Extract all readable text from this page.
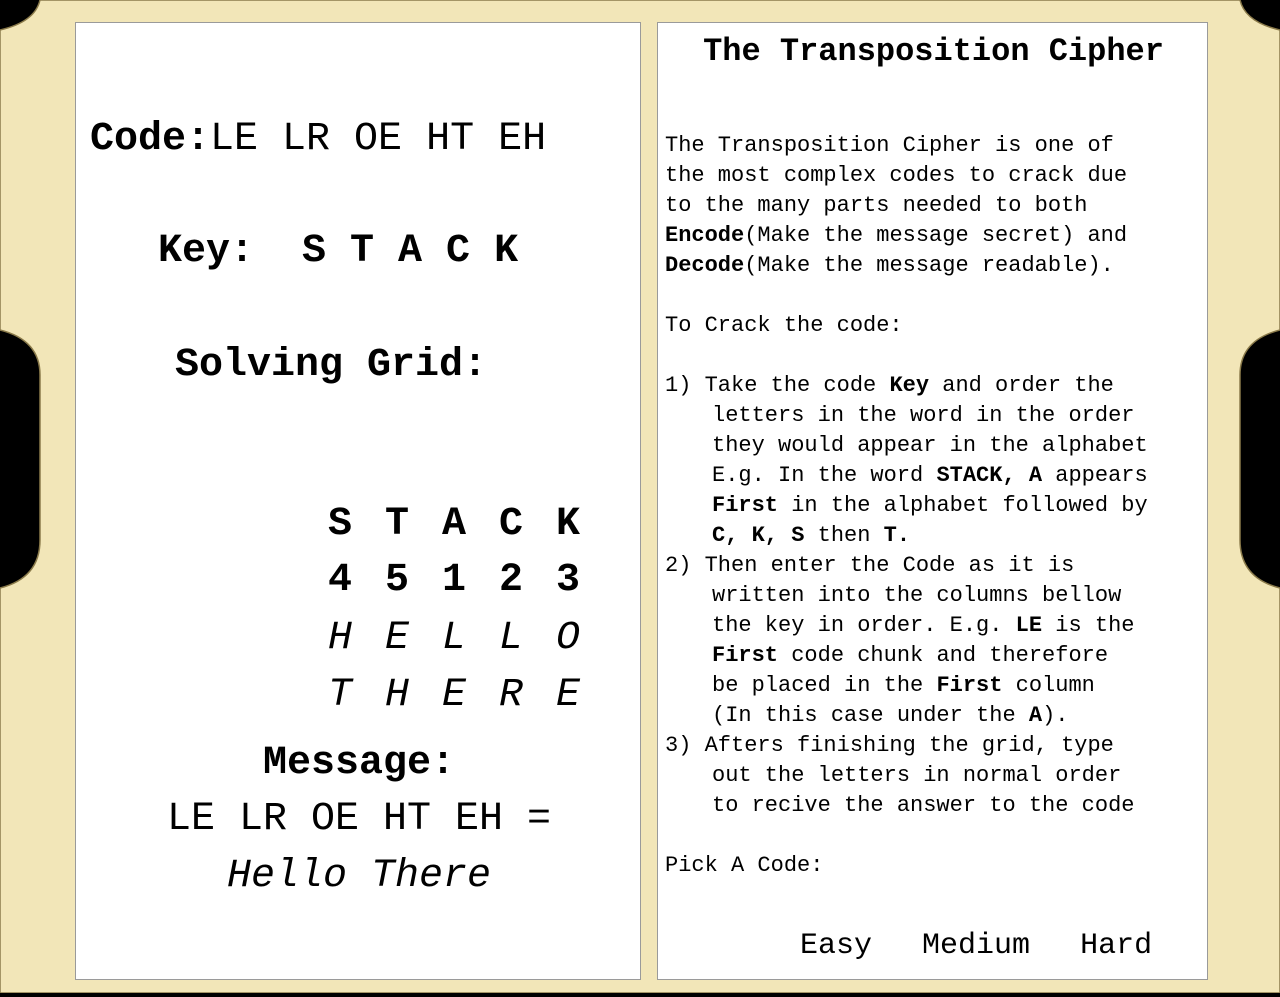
Code:LE LR OE HT EH
Key: S T A C K
Solving Grid:

S T A C K

4 5 1 2 3

H E L L O

T H E R E

Message:
LE LR OE HT EH =
Hello There
The Transposition Cipher
The Transposition Cipher is one of
the most complex codes to crack due
to the many parts needed to both
Encode(Make the message secret) and
Decode(Make the message readable).
To Crack the code:
1) Take the code Key and order the
letters in the word in the order
they would appear in the alphabet
E.g. In the word STACK, A appears
First in the alphabet followed by
C, K, S then T.
2) Then enter the Code as it is
written into the columns bellow
the key in order. E.g. LE is the
First code chunk and therefore
be placed in the First column
(In this case under the A).
3) Afters finishing the grid, type
out the letters in normal order
to recive the answer to the code
Pick A Code:

Easy Medium Hard
